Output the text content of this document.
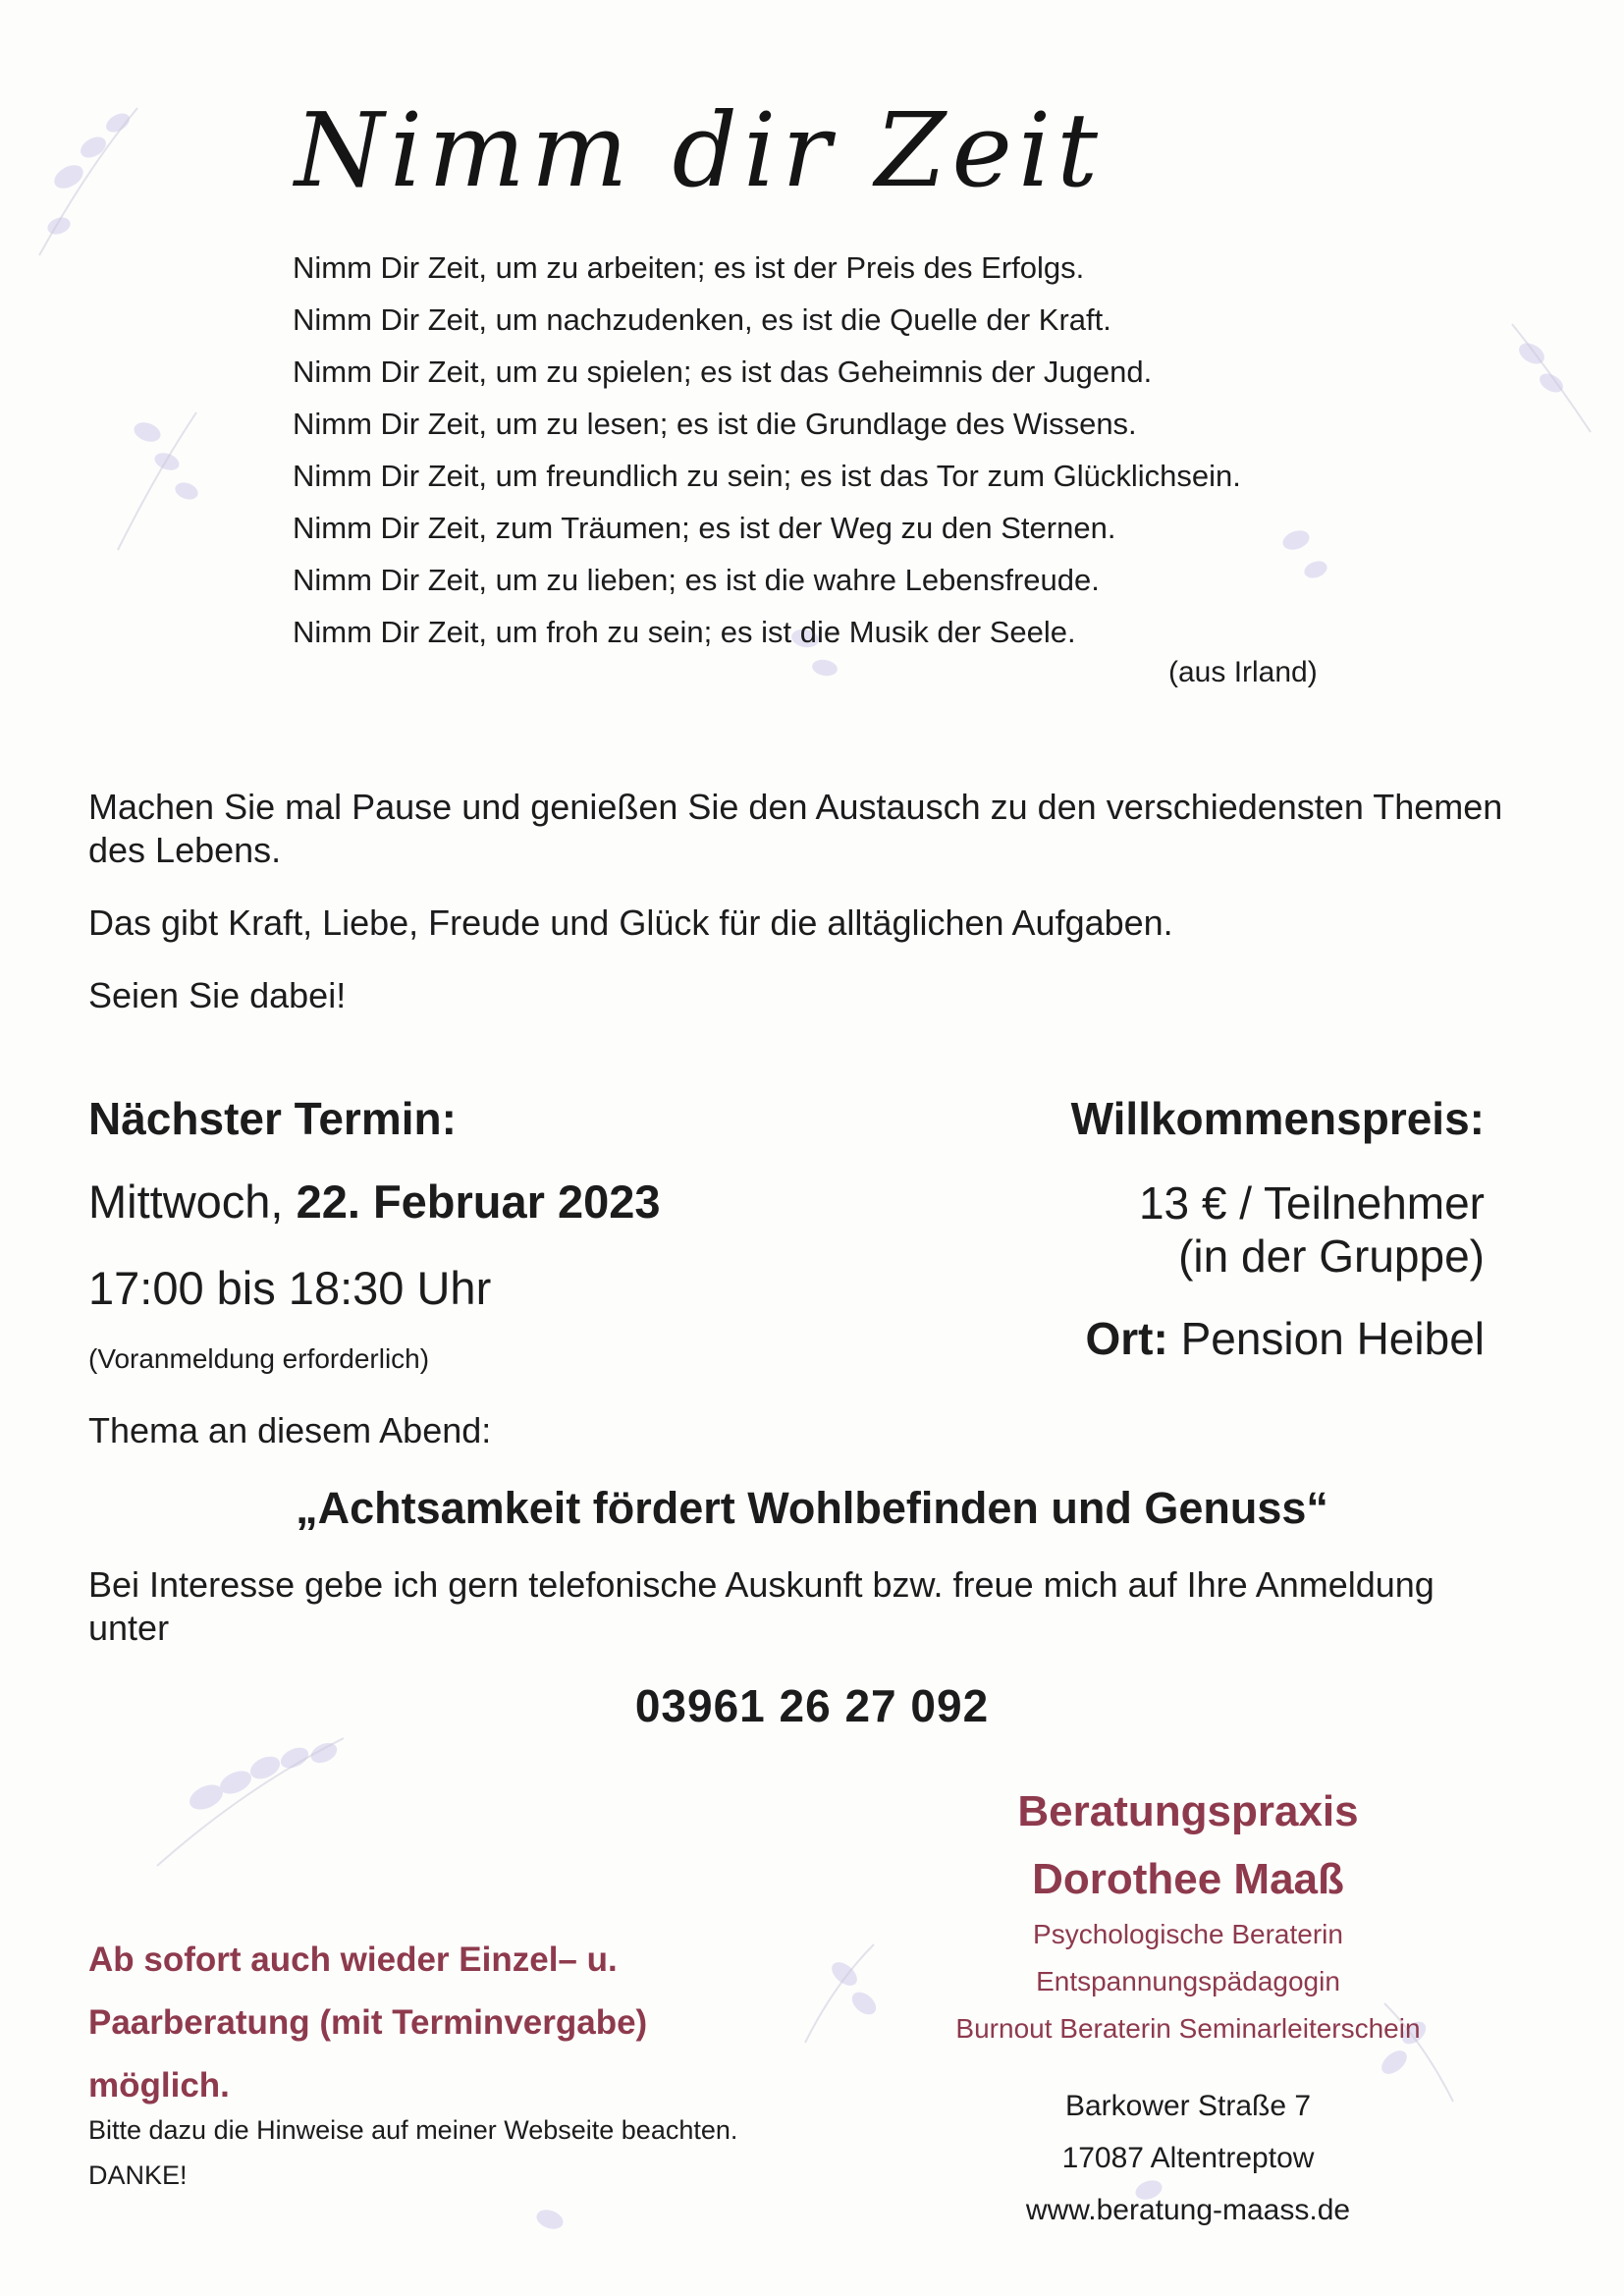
Nimm dir Zeit
Nimm Dir Zeit, um zu arbeiten; es ist der Preis des Erfolgs.
Nimm Dir Zeit, um nachzudenken, es ist die Quelle der Kraft.
Nimm Dir Zeit, um zu spielen; es ist das Geheimnis der Jugend.
Nimm Dir Zeit, um zu lesen; es ist die Grundlage des Wissens.
Nimm Dir Zeit, um freundlich zu sein; es ist das Tor zum Glücklichsein.
Nimm Dir Zeit, zum Träumen; es ist der Weg zu den Sternen.
Nimm Dir Zeit, um zu lieben; es ist die wahre Lebensfreude.
Nimm Dir Zeit, um froh zu sein; es ist die Musik der Seele.
(aus Irland)

Machen Sie mal Pause und genießen Sie den Austausch zu den verschiedensten Themen des Lebens.

Das gibt Kraft, Liebe, Freude und Glück für die alltäglichen Aufgaben.

Seien Sie dabei!

Nächster Termin:
Mittwoch, 22. Februar 2023
17:00 bis 18:30 Uhr
(Voranmeldung erforderlich)
Thema an diesem Abend:
Willkommenspreis:
13 € / Teilnehmer
(in der Gruppe)
Ort: Pension Heibel
„Achtsamkeit fördert Wohlbefinden und Genuss“
Bei Interesse gebe ich gern telefonische Auskunft bzw. freue mich auf Ihre Anmeldung unter
03961 26 27 092
Beratungspraxis
Dorothee Maaß
Psychologische Beraterin
Entspannungspädagogin
Burnout Beraterin Seminarleiterschein
Barkower Straße 7
17087 Altentreptow
www.beratung-maass.de
Ab sofort auch wieder Einzel– u. Paarberatung (mit Terminvergabe) möglich.
Bitte dazu die Hinweise auf meiner Webseite beachten. DANKE!
